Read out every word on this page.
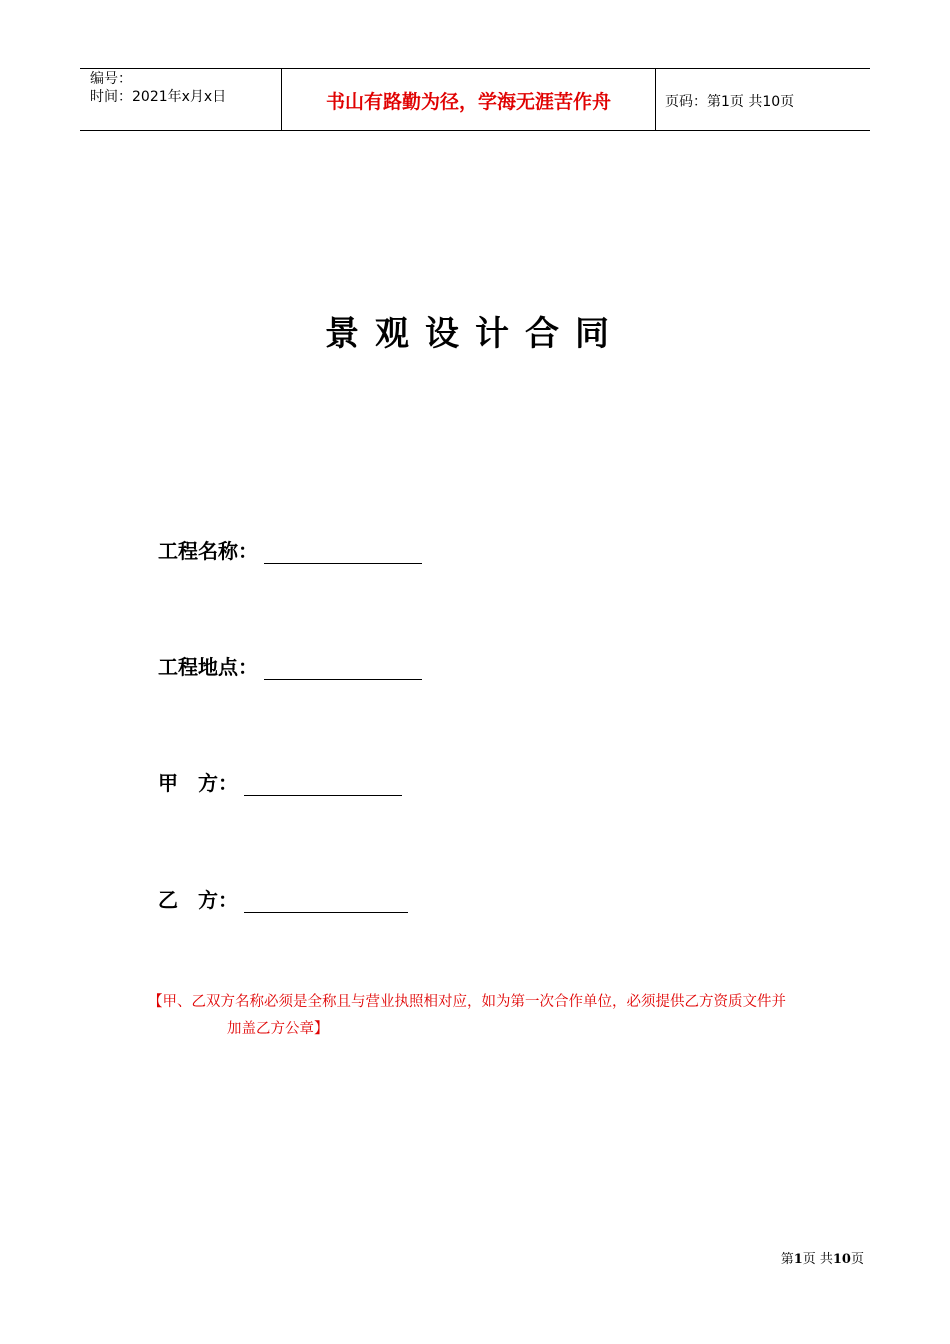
编号：
时间：2021年x月x日	书山有路勤为径，学海无涯苦作舟	页码：第1页 共10页
景观设计合同
工程名称：
工程地点：
甲　方：
乙　方：
【甲、乙双方名称必须是全称且与营业执照相对应，如为第一次合作单位，必须提供乙方资质文件并
加盖乙方公章】
第1页 共10页
